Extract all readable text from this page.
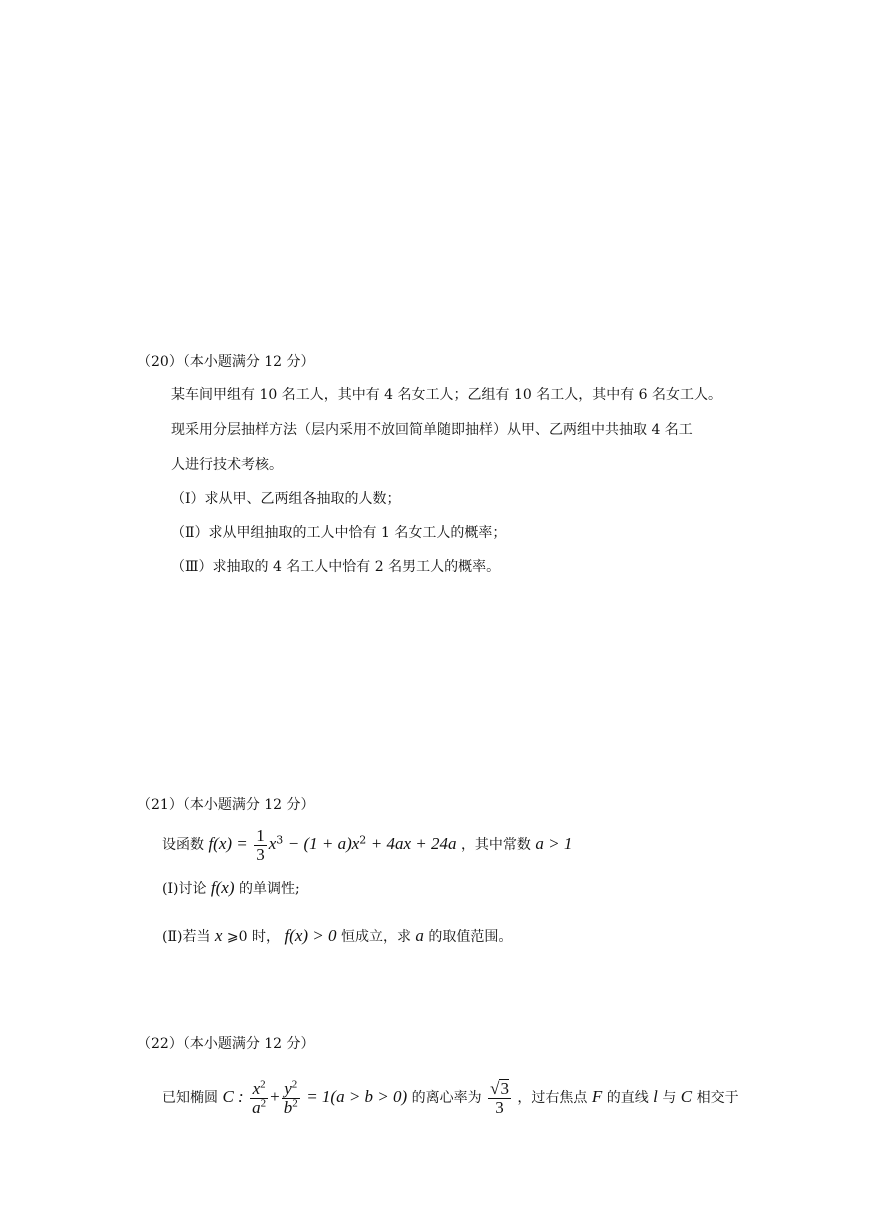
（20）（本小题满分 12 分）
某车间甲组有 10 名工人，其中有 4 名女工人；乙组有 10 名工人，其中有 6 名女工人。
现采用分层抽样方法（层内采用不放回简单随即抽样）从甲、乙两组中共抽取 4 名工
人进行技术考核。
（Ⅰ）求从甲、乙两组各抽取的人数；
（Ⅱ）求从甲组抽取的工人中恰有 1 名女工人的概率；
（Ⅲ）求抽取的 4 名工人中恰有 2 名男工人的概率。
（21）（本小题满分 12 分）
设函数 $f(x) = \frac{1}{3} x^3 - (1 + a)x^2 + 4ax + 24a$ ，其中常数 a > 1
(Ⅰ)讨论 f(x) 的单调性;
(Ⅱ)若当 x ⩾0 时， f(x) > 0 恒成立，求 a 的取值范围。
（22）（本小题满分 12 分）
已知椭圆 C : $\frac{x^2}{a^2} + \frac{y^2}{b^2} = 1(a > b > 0)$ 的离心率为 $\frac{√3}{3}$ ，过右焦点 F 的直线 l 与 C 相交于
